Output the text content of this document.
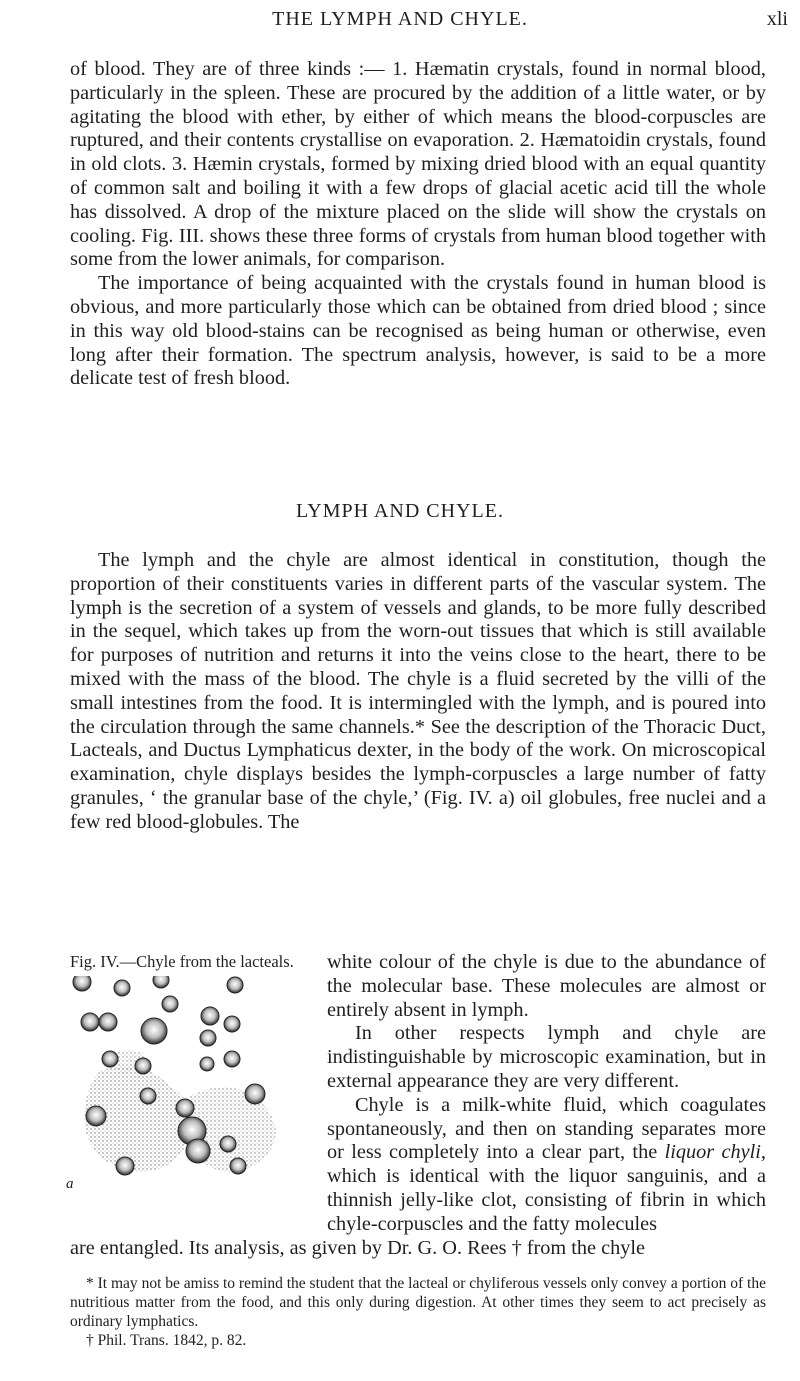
THE LYMPH AND CHYLE.	xli

of blood. They are of three kinds :— 1. Hæmatin crystals, found in normal blood, particularly in the spleen. These are procured by the addition of a little water, or by agitating the blood with ether, by either of which means the blood-corpuscles are ruptured, and their contents crystallise on evaporation. 2. Hæmatoidin crystals, found in old clots. 3. Hæmin crystals, formed by mixing dried blood with an equal quantity of common salt and boiling it with a few drops of glacial acetic acid till the whole has dissolved. A drop of the mixture placed on the slide will show the crystals on cooling. Fig. III. shows these three forms of crystals from human blood together with some from the lower animals, for comparison.

The importance of being acquainted with the crystals found in human blood is obvious, and more particularly those which can be obtained from dried blood ; since in this way old blood-stains can be recognised as being human or otherwise, even long after their formation. The spectrum analysis, however, is said to be a more delicate test of fresh blood.

LYMPH AND CHYLE.

The lymph and the chyle are almost identical in constitution, though the proportion of their constituents varies in different parts of the vascular system. The lymph is the secretion of a system of vessels and glands, to be more fully described in the sequel, which takes up from the worn-out tissues that which is still available for purposes of nutrition and returns it into the veins close to the heart, there to be mixed with the mass of the blood. The chyle is a fluid secreted by the villi of the small intestines from the food. It is intermingled with the lymph, and is poured into the circulation through the same channels.* See the description of the Thoracic Duct, Lacteals, and Ductus Lymphaticus dexter, in the body of the work. On microscopical examination, chyle displays besides the lymph-corpuscles a large number of fatty granules, ‘ the granular base of the chyle,’ (Fig. IV. a) oil globules, free nuclei and a few red blood-globules. The

Fig. IV.—Chyle from the lacteals.
a

white colour of the chyle is due to the abundance of the molecular base. These molecules are almost or entirely absent in lymph.

In other respects lymph and chyle are indistinguishable by microscopic examination, but in external appearance they are very different.

Chyle is a milk-white fluid, which coagulates spontaneously, and then on standing separates more or less completely into a clear part, the liquor chyli, which is identical with the liquor sanguinis, and a thinnish jelly-like clot, consisting of fibrin in which chyle-corpuscles and the fatty molecules

are entangled. Its analysis, as given by Dr. G. O. Rees † from the chyle

* It may not be amiss to remind the student that the lacteal or chyliferous vessels only convey a portion of the nutritious matter from the food, and this only during digestion. At other times they seem to act precisely as ordinary lymphatics.

† Phil. Trans. 1842, p. 82.
